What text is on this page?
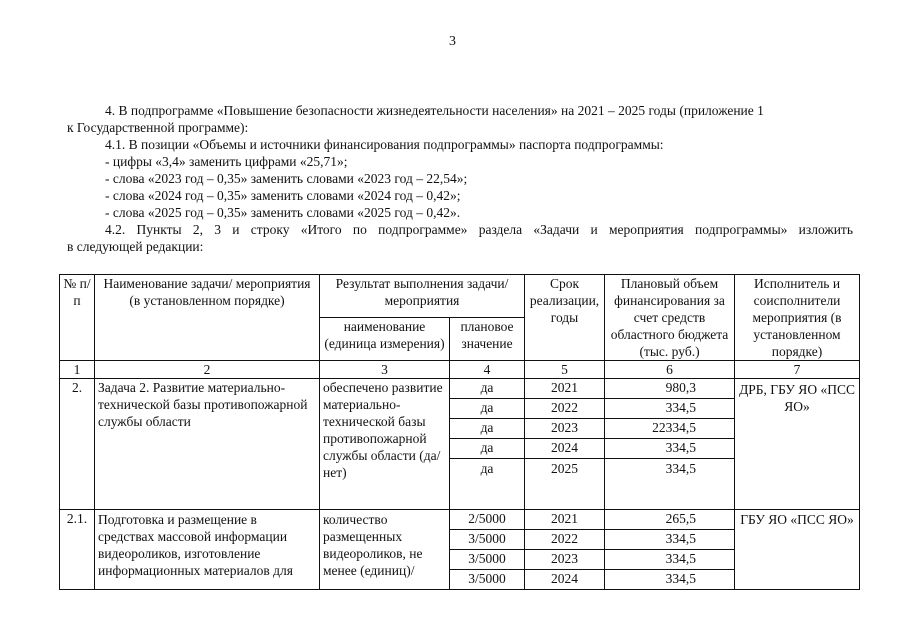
3
4. В подпрограмме «Повышение безопасности жизнедеятельности населения» на 2021 – 2025 годы (приложение 1
к Государственной программе):
4.1. В позиции «Объемы и источники финансирования подпрограммы» паспорта подпрограммы:
- цифры «3,4» заменить цифрами «25,71»;
- слова «2023 год – 0,35» заменить словами «2023 год – 22,54»;
- слова «2024 год – 0,35» заменить словами «2024 год – 0,42»;
- слова «2025 год – 0,35» заменить словами «2025 год – 0,42».
4.2. Пункты 2, 3 и строку «Итого по подпрограмме» раздела «Задачи и мероприятия подпрограммы» изложить
в следующей редакции:
№ п/п	Наименование задачи/ мероприятия (в установленном порядке)	Результат выполнения задачи/ мероприятия		Срок реализации, годы	Плановый объем финансирования за счет средств областного бюджета (тыс. руб.)	Исполнитель и соисполнители мероприятия (в установленном порядке)
		наименование (единица измерения)	плановое значение			
1	2	3	4	5	6	7
2.	Задача 2. Развитие материально-технической базы противопожарной службы области	обеспечено развитие материально-технической базы противопожарной службы области (да/нет)	да	2021	980,3	ДРБ, ГБУ ЯО «ПСС ЯО»
			да	2022	334,5	
			да	2023	22334,5	
			да	2024	334,5	
			да	2025	334,5	
2.1.	Подготовка и размещение в средствах массовой информации видеороликов, изготовление информационных материалов для	количество размещенных видеороликов, не менее (единиц)/	2/5000	2021	265,5	ГБУ ЯО «ПСС ЯО»
			3/5000	2022	334,5	
			3/5000	2023	334,5	
			3/5000	2024	334,5	
